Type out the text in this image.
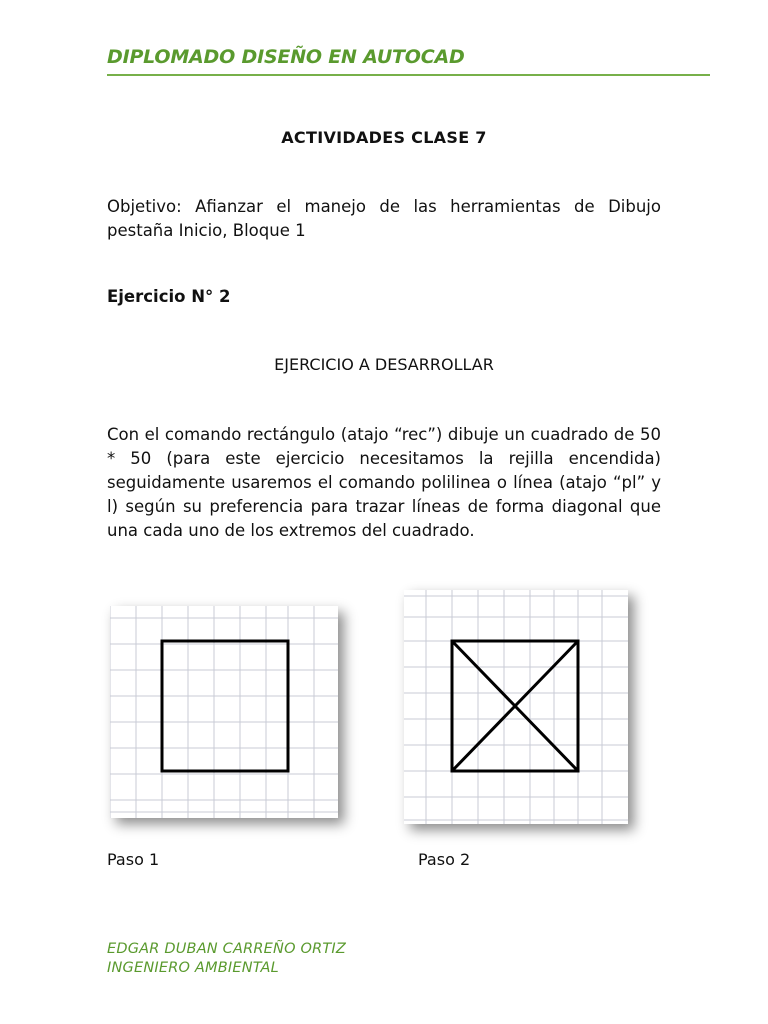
DIPLOMADO DISEÑO EN AUTOCAD
ACTIVIDADES CLASE 7
Objetivo: Afianzar el manejo de las herramientas de Dibujo pestaña Inicio, Bloque 1
Ejercicio N° 2
EJERCICIO A DESARROLLAR
Con el comando rectángulo (atajo “rec”) dibuje un cuadrado de 50 * 50 (para este ejercicio necesitamos la rejilla encendida) seguidamente usaremos el comando polilinea o línea (atajo “pl” y l) según su preferencia para trazar líneas de forma diagonal que una cada uno de los extremos del cuadrado.
Paso 1	Paso 2
EDGAR DUBAN CARREÑO ORTIZ
INGENIERO AMBIENTAL
